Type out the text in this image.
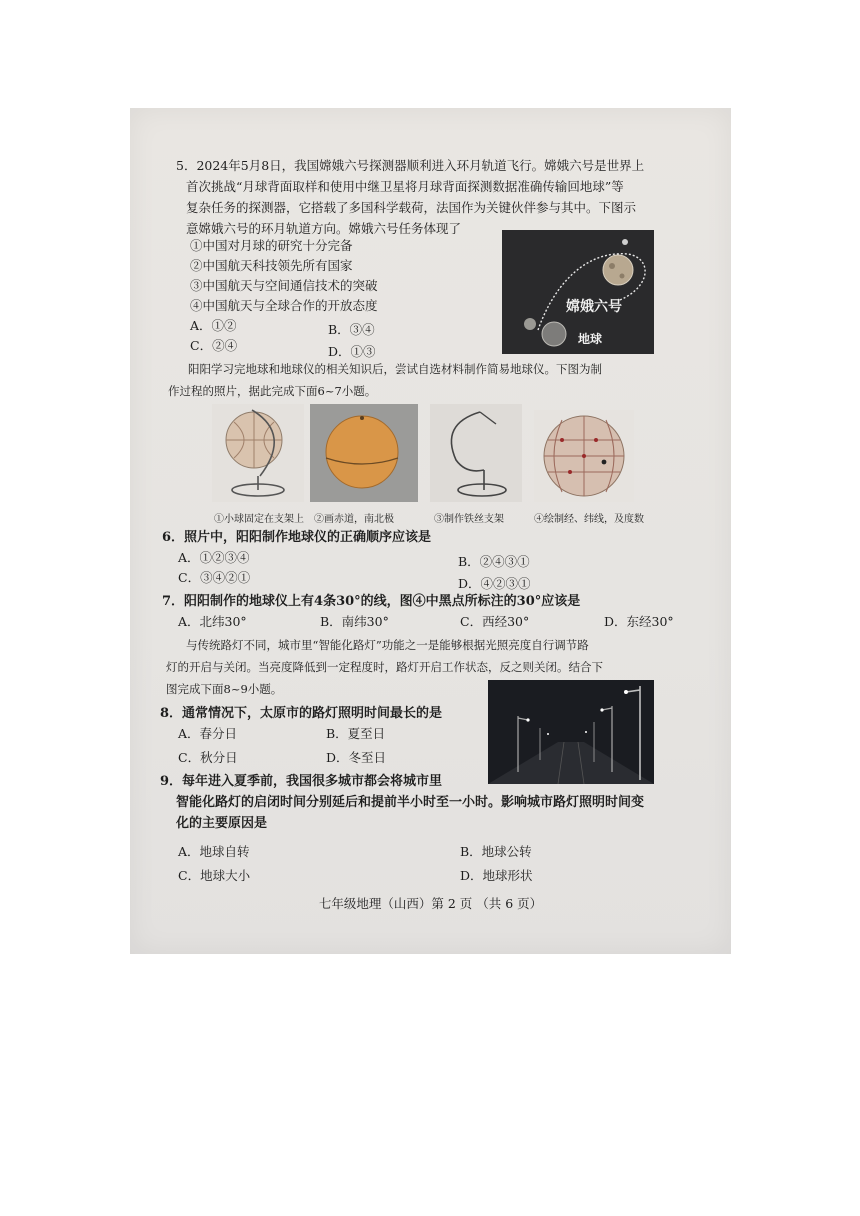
5．2024年5月8日，我国嫦娥六号探测器顺利进入环月轨道飞行。嫦娥六号是世界上
首次挑战“月球背面取样和使用中继卫星将月球背面探测数据准确传输回地球”等
复杂任务的探测器，它搭载了多国科学载荷，法国作为关键伙伴参与其中。下图示
意嫦娥六号的环月轨道方向。嫦娥六号任务体现了
①中国对月球的研究十分完备
②中国航天科技领先所有国家
③中国航天与空间通信技术的突破
④中国航天与全球合作的开放态度
A．①②	B．③④
C．②④	D．①③
嫦娥六号
地球
阳阳学习完地球和地球仪的相关知识后，尝试自选材料制作简易地球仪。下图为制
作过程的照片，据此完成下面6~7小题。
①小球固定在支架上 ②画赤道，南北极	③制作铁丝支架	④绘制经、纬线，及度数
6．照片中，阳阳制作地球仪的正确顺序应该是
A．①②③④	B．②④③①
C．③④②①	D．④②③①
7．阳阳制作的地球仪上有4条30°的线，图④中黑点所标注的30°应该是
A．北纬30°	B．南纬30°	C．西经30°	D．东经30°
与传统路灯不同，城市里“智能化路灯”功能之一是能够根据光照亮度自行调节路
灯的开启与关闭。当亮度降低到一定程度时，路灯开启工作状态，反之则关闭。结合下
图完成下面8~9小题。
8．通常情况下，太原市的路灯照明时间最长的是
A．春分日	B．夏至日
C．秋分日	D．冬至日
9．每年进入夏季前，我国很多城市都会将城市里
智能化路灯的启闭时间分别延后和提前半小时至一小时。影响城市路灯照明时间变
化的主要原因是
A．地球自转	B．地球公转
C．地球大小	D．地球形状
七年级地理（山西）第 2 页 （共 6 页）
